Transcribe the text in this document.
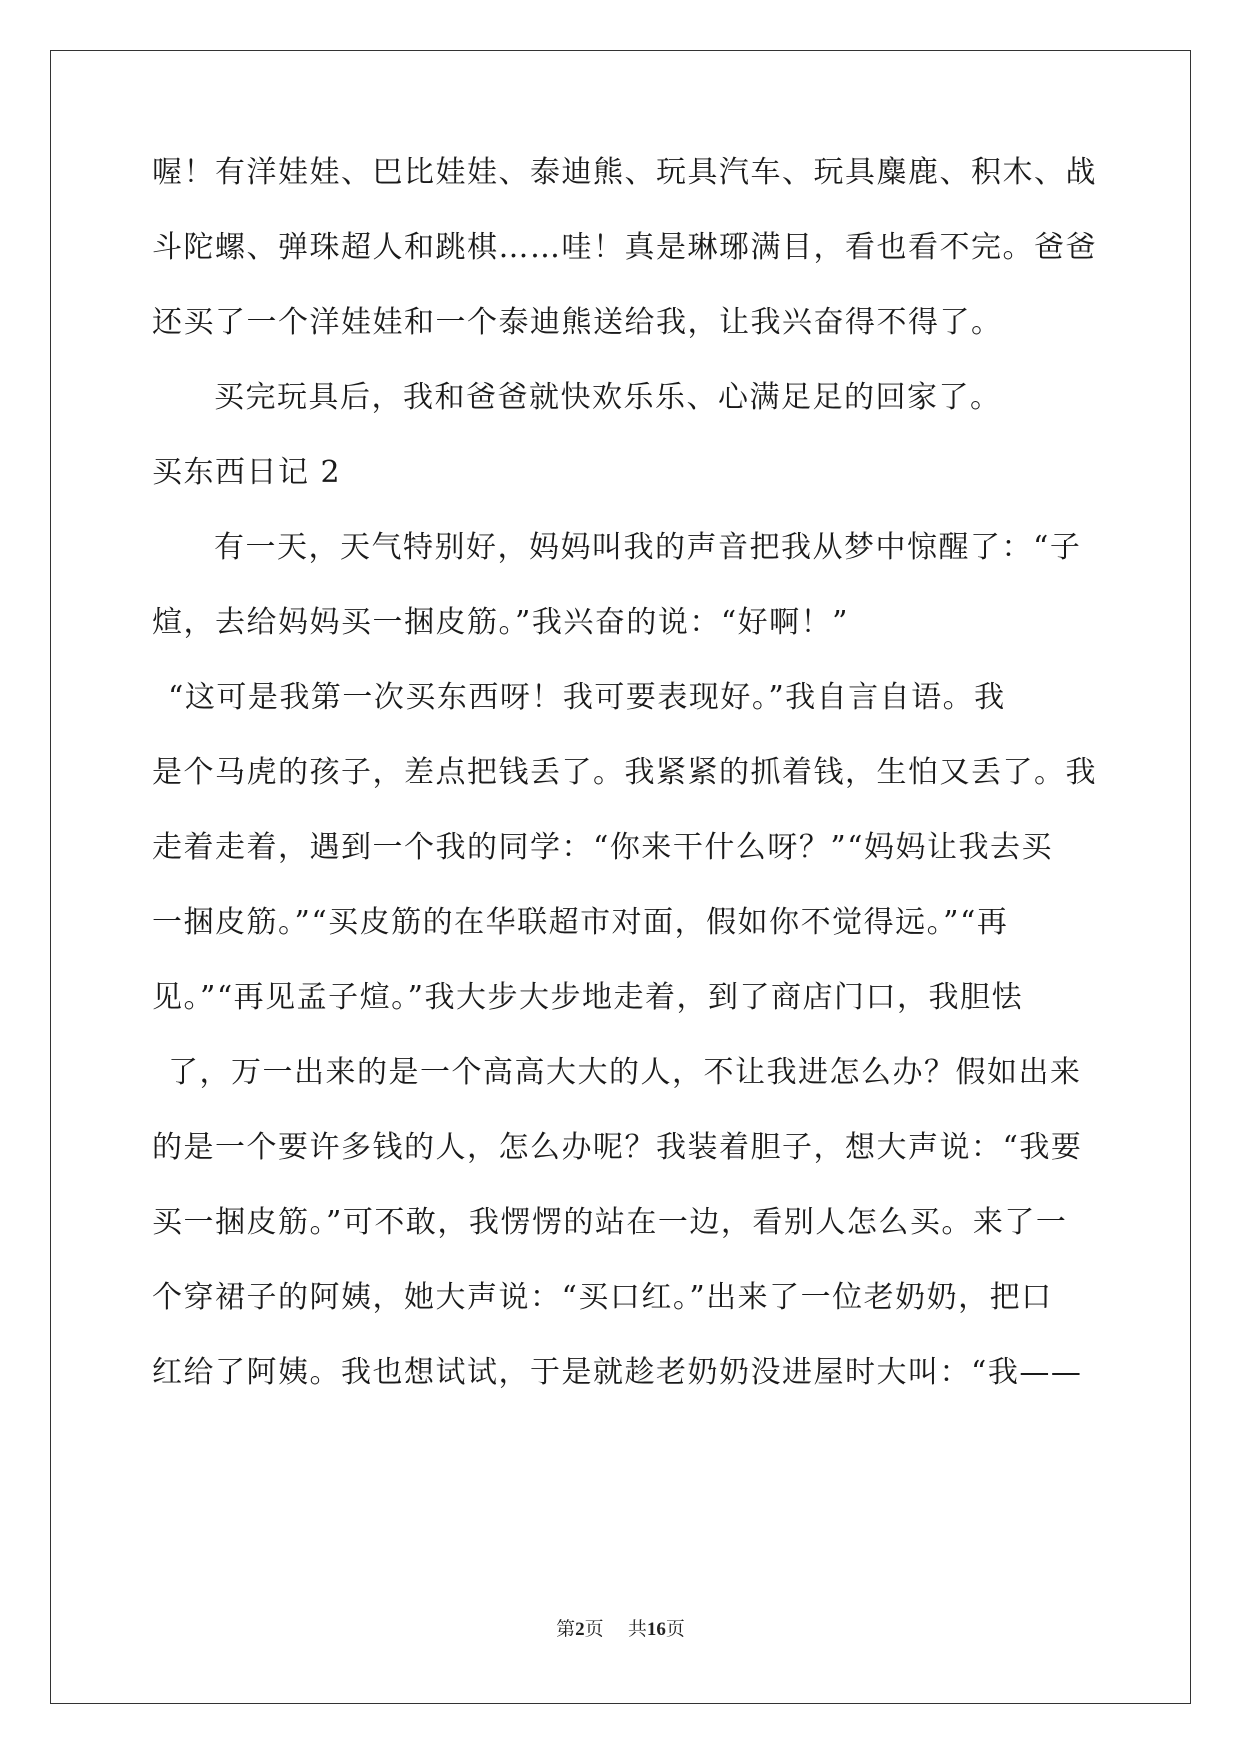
喔！有洋娃娃、巴比娃娃、泰迪熊、玩具汽车、玩具麋鹿、积木、战
斗陀螺、弹珠超人和跳棋……哇！真是琳琊满目，看也看不完。爸爸
还买了一个洋娃娃和一个泰迪熊送给我，让我兴奋得不得了。
买完玩具后，我和爸爸就快欢乐乐、心满足足的回家了。
买东西日记 2
有一天，天气特别好，妈妈叫我的声音把我从梦中惊醒了：“子
煊，去给妈妈买一捆皮筋。”我兴奋的说：“好啊！”
“这可是我第一次买东西呀！我可要表现好。”我自言自语。我
是个马虎的孩子，差点把钱丢了。我紧紧的抓着钱，生怕又丢了。我
走着走着，遇到一个我的同学：“你来干什么呀？”“妈妈让我去买
一捆皮筋。”“买皮筋的在华联超市对面，假如你不觉得远。”“再
见。”“再见孟子煊。”我大步大步地走着，到了商店门口，我胆怯
了，万一出来的是一个高高大大的人，不让我进怎么办？假如出来
的是一个要许多钱的人，怎么办呢？我装着胆子，想大声说：“我要
买一捆皮筋。”可不敢，我愣愣的站在一边，看别人怎么买。来了一
个穿裙子的阿姨，她大声说：“买口红。”出来了一位老奶奶，把口
红给了阿姨。我也想试试，于是就趁老奶奶没进屋时大叫：“我——
第2页 共16页
